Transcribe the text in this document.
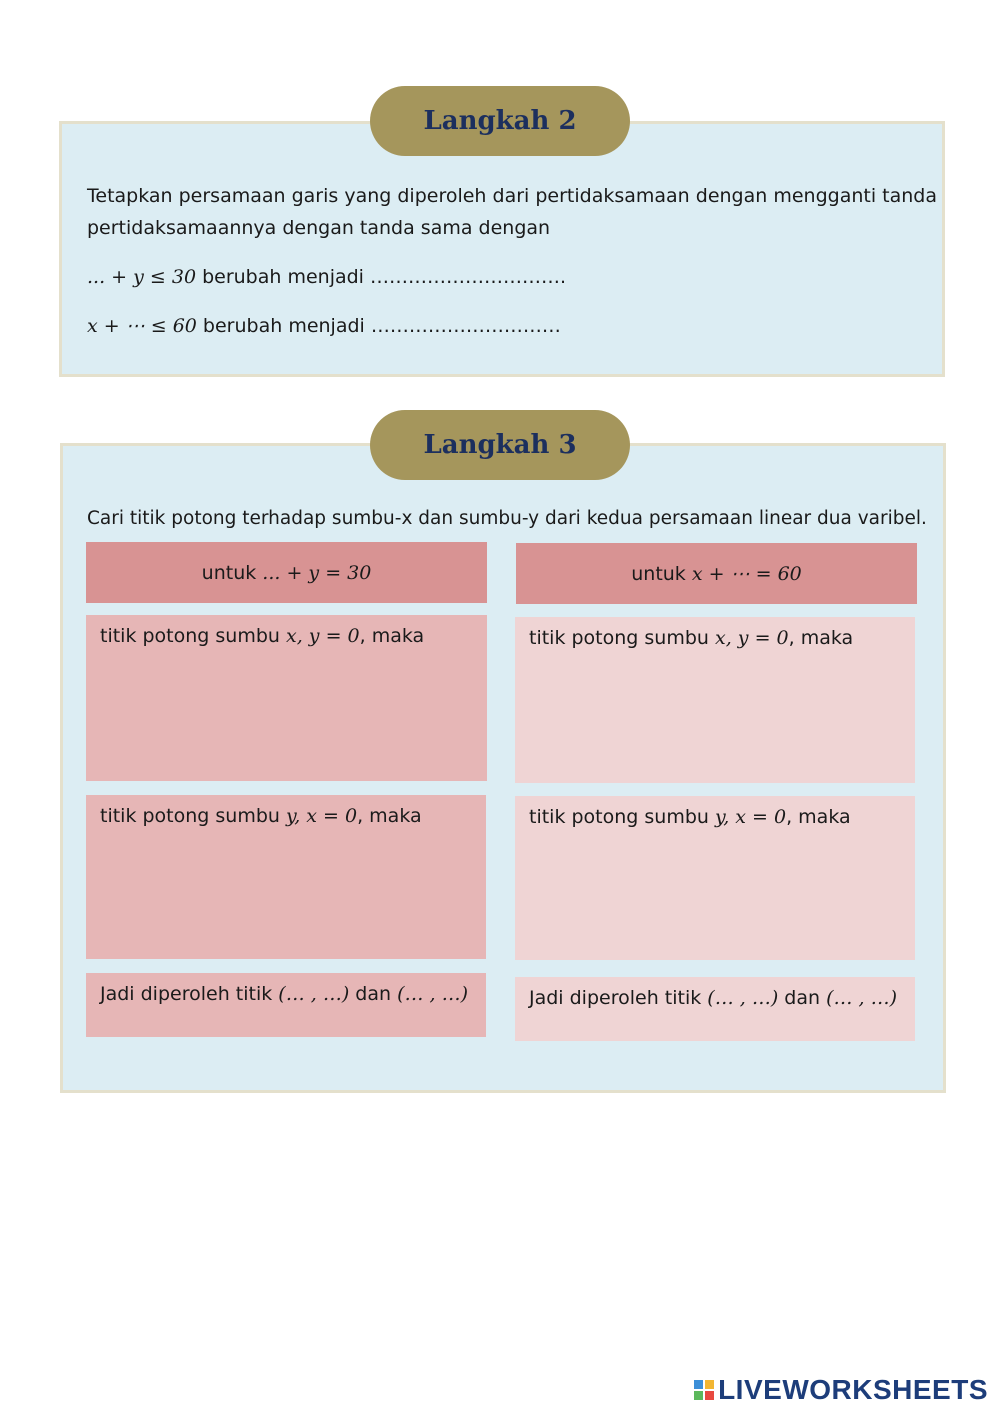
Langkah 2
Tetapkan persamaan garis yang diperoleh dari pertidaksamaan dengan mengganti tanda
pertidaksamaannya dengan tanda sama dengan
... + y ≤ 30 berubah menjadi ………………………….
x + ⋯ ≤ 60 berubah menjadi …………………………
Langkah 3
Cari titik potong terhadap sumbu-x dan sumbu-y dari kedua persamaan linear dua varibel.
untuk
... + y = 30
titik potong sumbu x, y = 0, maka
titik potong sumbu y, x = 0, maka
Jadi diperoleh titik (… , …) dan (… , …)
untuk
x + ⋯ = 60
titik potong sumbu x, y = 0, maka
titik potong sumbu y, x = 0, maka
Jadi diperoleh titik (… , …) dan (… , …)
LIVEWORKSHEETS
